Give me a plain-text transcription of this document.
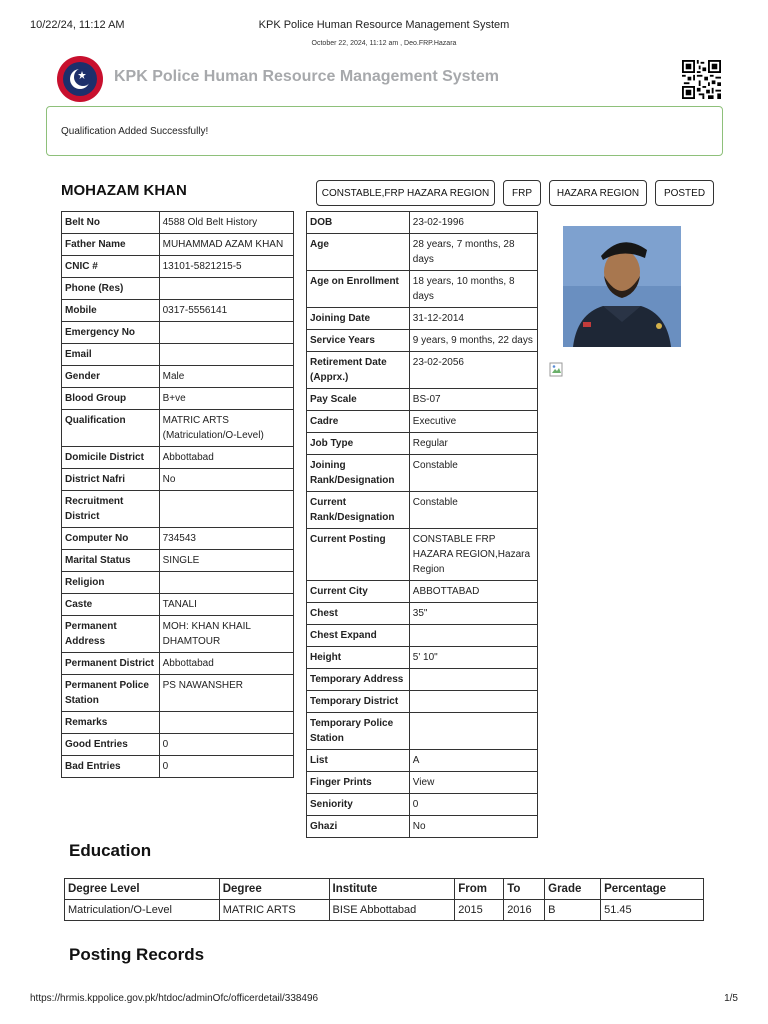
10/22/24, 11:12 AM	KPK Police Human Resource Management System
October 22, 2024, 11:12 am , Deo.FRP.Hazara
KPK Police Human Resource Management System
Qualification Added Successfully!
MOHAZAM KHAN	CONSTABLE,FRP HAZARA REGION	FRP	HAZARA REGION	POSTED
Belt No	4588 Old Belt History
Father Name	MUHAMMAD AZAM KHAN
CNIC #	13101-5821215-5
Phone (Res)	
Mobile	0317-5556141
Emergency No	
Email	
Gender	Male
Blood Group	B+ve
Qualification	MATRIC ARTS (Matriculation/O-Level)
Domicile District	Abbottabad
District Nafri	No
Recruitment District	
Computer No	734543
Marital Status	SINGLE
Religion	
Caste	TANALI
Permanent Address	MOH: KHAN KHAIL DHAMTOUR
Permanent District	Abbottabad
Permanent Police Station	PS NAWANSHER
Remarks	
Good Entries	0
Bad Entries	0
DOB	23-02-1996
Age	28 years, 7 months, 28 days
Age on Enrollment	18 years, 10 months, 8 days
Joining Date	31-12-2014
Service Years	9 years, 9 months, 22 days
Retirement Date (Apprx.)	23-02-2056
Pay Scale	BS-07
Cadre	Executive
Job Type	Regular
Joining Rank/Designation	Constable
Current Rank/Designation	Constable
Current Posting	CONSTABLE FRP HAZARA REGION,Hazara Region
Current City	ABBOTTABAD
Chest	35"
Chest Expand	
Height	5' 10"
Temporary Address	
Temporary District	
Temporary Police Station	
List	A
Finger Prints	View
Seniority	0
Ghazi	No
Education
Degree Level	Degree	Institute	From	To	Grade	Percentage
Matriculation/O-Level	MATRIC ARTS	BISE Abbottabad	2015	2016	B	51.45
Posting Records
https://hrmis.kppolice.gov.pk/htdoc/adminOfc/officerdetail/338496	1/5
